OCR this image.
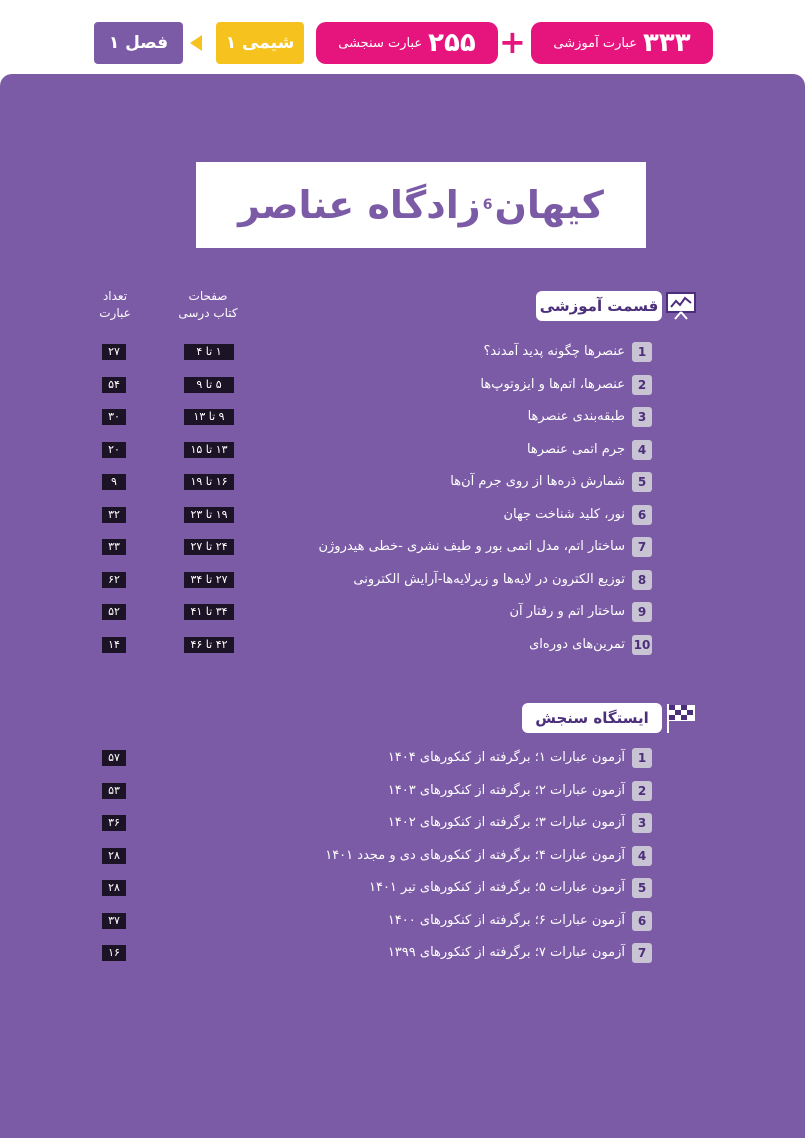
۳۳۳
عبارت آموزشی
+
۲۵۵
عبارت سنجشی
شیمی ۱
فصل ۱
کیهان
6
زادگاه عناصر
صفحات
کتاب درسی
تعداد
عبارت	قسمت آموزشی
1
عنصرها چگونه پدید آمدند؟
۱ تا ۴
۲۷
2
عنصرها، اتم‌ها و ایزوتوپ‌ها
۵ تا ۹
۵۴
3
طبقه‌بندی عنصرها
۹ تا ۱۳
۳۰
4
جرم اتمی عنصرها
۱۳ تا ۱۵
۲۰
5
شمارش ذره‌ها از روی جرم آن‌ها
۱۶ تا ۱۹
۹
6
نور، کلید شناخت جهان
۱۹ تا ۲۳
۳۲
7
ساختار اتم، مدل اتمی بور و طیف نشری ‌-خطی هیدروژن
۲۴ تا ۲۷
۳۳
8
توزیع الکترون در لایه‌ها و زیرلایه‌ها-آرایش الکترونی
۲۷ تا ۳۴
۶۲
9
ساختار اتم و رفتار آن
۳۴ تا ۴۱
۵۲
10
تمرین‌های دوره‌ای
۴۲ تا ۴۶
۱۴
ایستگاه سنجش
1
آزمون عبارات ۱؛ برگرفته از کنکورهای ۱۴۰۴
۵۷
2
آزمون عبارات ۲؛ برگرفته از کنکورهای ۱۴۰۳
۵۳
3
آزمون عبارات ۳؛ برگرفته از کنکورهای ۱۴۰۲
۳۶
4
آزمون عبارات ۴؛ برگرفته از کنکورهای دی و مجدد ۱۴۰۱
۲۸
5
آزمون عبارات ۵؛ برگرفته از کنکورهای تیر ۱۴۰۱
۲۸
6
آزمون عبارات ۶؛ برگرفته از کنکورهای ۱۴۰۰
۳۷
7
آزمون عبارات ۷؛ برگرفته از کنکورهای ۱۳۹۹
۱۶
